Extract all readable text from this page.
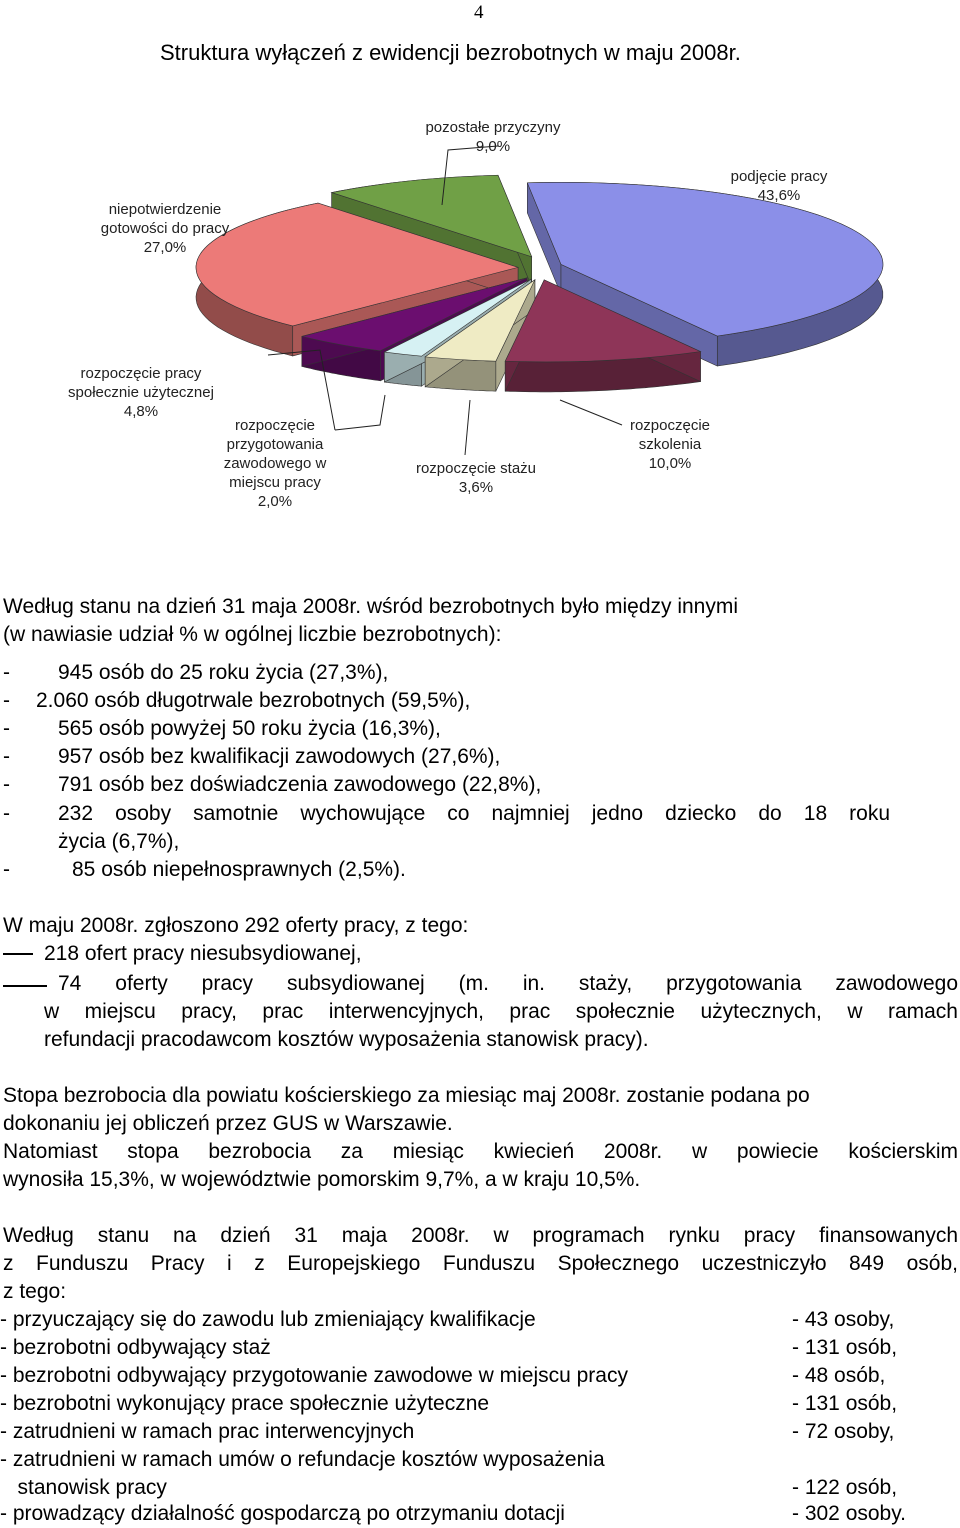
4
Struktura wyłączeń z ewidencji bezrobotnych w maju 2008r.
pozostałe przyczyny 9,0%
podjęcie pracy 43,6%
niepotwierdzenie gotowości do pracy 27,0%
rozpoczęcie pracy społecznie użytecznej 4,8%
rozpoczęcie przygotowania zawodowego w miejscu pracy 2,0%
rozpoczęcie stażu 3,6%
rozpoczęcie szkolenia 10,0%
Według stanu na dzień 31 maja 2008r. wśród bezrobotnych było między innymi
(w nawiasie udział % w ogólnej liczbie bezrobotnych):
- 945 osób do 25 roku życia (27,3%),
- 2.060 osób długotrwale bezrobotnych (59,5%),
- 565 osób powyżej 50 roku życia (16,3%),
- 957 osób bez kwalifikacji zawodowych (27,6%),
- 791 osób bez doświadczenia zawodowego (22,8%),
- 232 osoby samotnie wychowujące co najmniej jedno dziecko do 18 roku
życia (6,7%),
-	85 osób niepełnosprawnych (2,5%).
W maju 2008r. zgłoszono 292 oferty pracy, z tego:
218 ofert pracy niesubsydiowanej,
74 oferty pracy subsydiowanej (m. in. staży, przygotowania zawodowego
w miejscu pracy, prac interwencyjnych, prac społecznie użytecznych, w ramach
refundacji pracodawcom kosztów wyposażenia stanowisk pracy).
Stopa bezrobocia dla powiatu kościerskiego za miesiąc maj 2008r. zostanie podana po
dokonaniu jej obliczeń przez GUS w Warszawie.
Natomiast stopa bezrobocia za miesiąc kwiecień 2008r. w powiecie kościerskim
wynosiła 15,3%, w województwie pomorskim 9,7%, a w kraju 10,5%.
Według stanu na dzień 31 maja 2008r. w programach rynku pracy finansowanych
z Funduszu Pracy i z Europejskiego Funduszu Społecznego uczestniczyło 849 osób,
z tego:
- przyuczający się do zawodu lub zmieniający kwalifikacje	- 43 osoby,
- bezrobotni odbywający staż	- 131 osób,
- bezrobotni odbywający przygotowanie zawodowe w miejscu pracy	- 48 osób,
- bezrobotni wykonujący prace społecznie użyteczne	- 131 osób,
- zatrudnieni w ramach prac interwencyjnych	- 72 osoby,
- zatrudnieni w ramach umów o refundacje kosztów wyposażenia
stanowisk pracy	- 122 osób,
- prowadzący działalność gospodarczą po otrzymaniu dotacji	- 302 osoby.
